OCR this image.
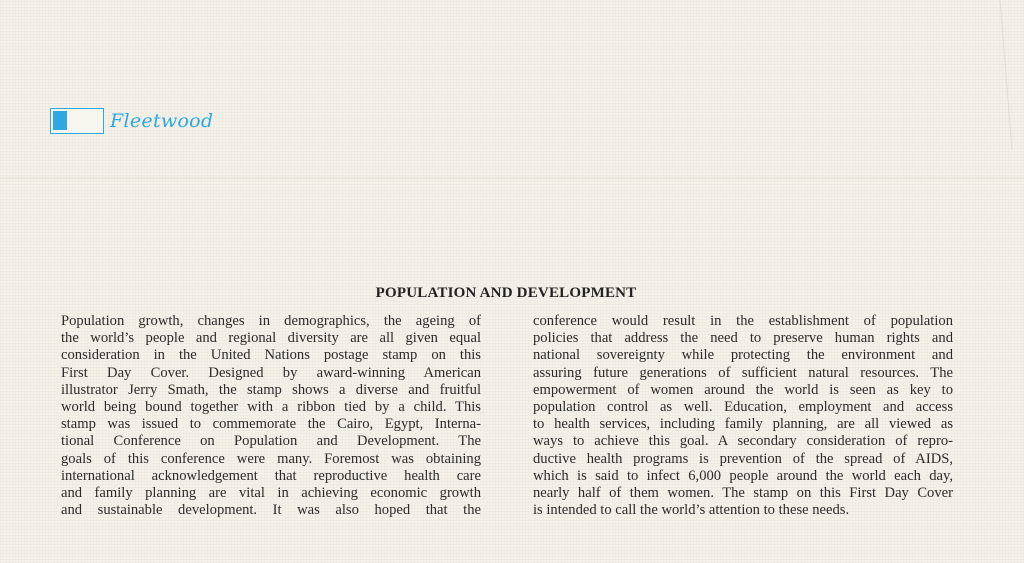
Fleetwood
POPULATION AND DEVELOPMENT
Population growth, changes in demographics, the ageing of
the world’s people and regional diversity are all given equal
consideration in the United Nations postage stamp on this
First Day Cover. Designed by award-winning American
illustrator Jerry Smath, the stamp shows a diverse and fruitful
world being bound together with a ribbon tied by a child. This
stamp was issued to commemorate the Cairo, Egypt, Interna-
tional Conference on Population and Development. The
goals of this conference were many. Foremost was obtaining
international acknowledgement that reproductive health care
and family planning are vital in achieving economic growth
and sustainable development. It was also hoped that the
conference would result in the establishment of population
policies that address the need to preserve human rights and
national sovereignty while protecting the environment and
assuring future generations of sufficient natural resources. The
empowerment of women around the world is seen as key to
population control as well. Education, employment and access
to health services, including family planning, are all viewed as
ways to achieve this goal. A secondary consideration of repro-
ductive health programs is prevention of the spread of AIDS,
which is said to infect 6,000 people around the world each day,
nearly half of them women. The stamp on this First Day Cover
is intended to call the world’s attention to these needs.
